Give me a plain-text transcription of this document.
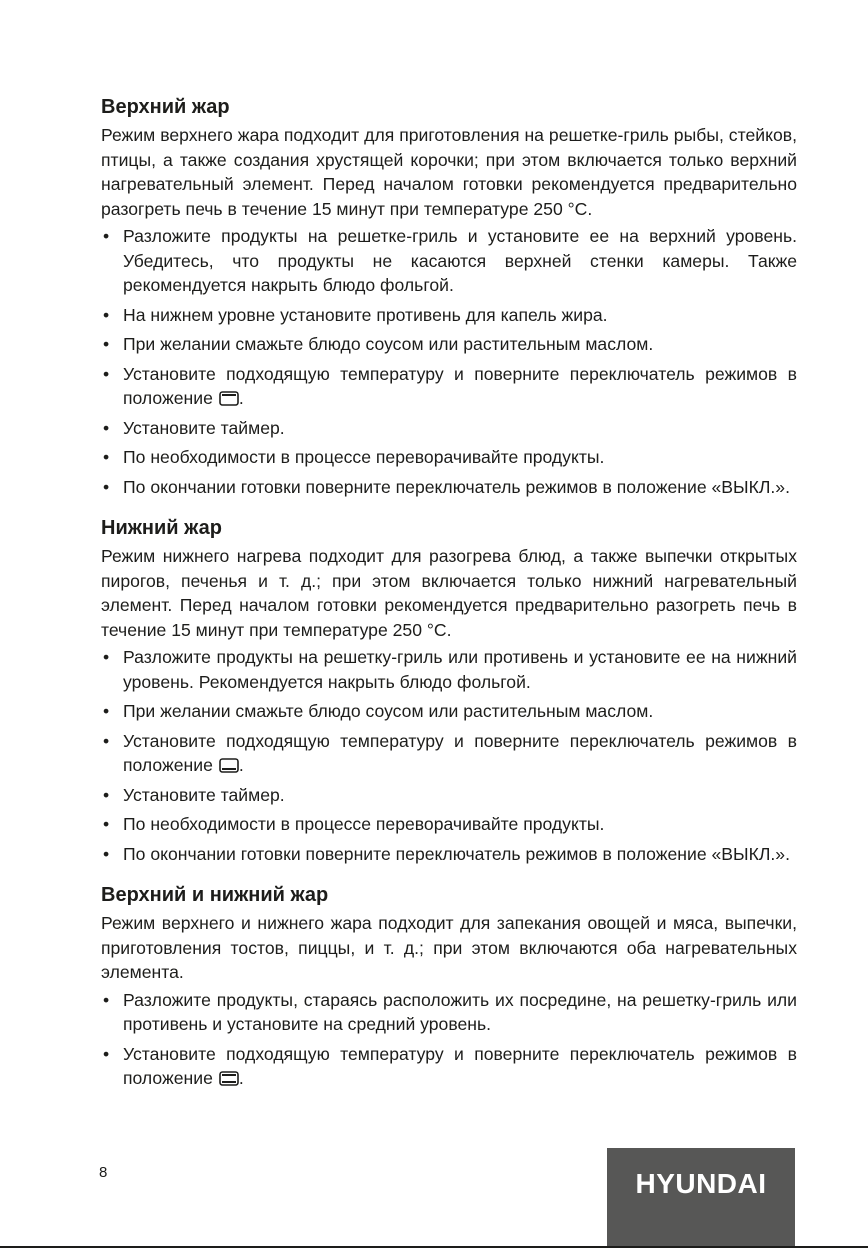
Верхний жар

Режим верхнего жара подходит для приготовления на решетке-гриль рыбы, стейков, птицы, а также создания хрустящей корочки; при этом включается только верхний нагревательный элемент. Перед началом готовки рекомендуется предварительно разогреть печь в течение 15 минут при температуре 250 °С.

• Разложите продукты на решетке-гриль и установите ее на верхний уровень. Убедитесь, что продукты не касаются верхней стенки камеры. Также рекомендуется накрыть блюдо фольгой.
• На нижнем уровне установите противень для капель жира.
• При желании смажьте блюдо соусом или растительным маслом.
• Установите подходящую температуру и поверните переключатель режимов в положение .
• Установите таймер.
• По необходимости в процессе переворачивайте продукты.
• По окончании готовки поверните переключатель режимов в положение «ВЫКЛ.».
Нижний жар

Режим нижнего нагрева подходит для разогрева блюд, а также выпечки открытых пирогов, печенья и т. д.; при этом включается только нижний нагревательный элемент. Перед началом готовки рекомендуется предварительно разогреть печь в течение 15 минут при температуре 250 °С.

• Разложите продукты на решетку-гриль или противень и установите ее на нижний уровень. Рекомендуется накрыть блюдо фольгой.
• При желании смажьте блюдо соусом или растительным маслом.
• Установите подходящую температуру и поверните переключатель режимов в положение .
• Установите таймер.
• По необходимости в процессе переворачивайте продукты.
• По окончании готовки поверните переключатель режимов в положение «ВЫКЛ.».
Верхний и нижний жар

Режим верхнего и нижнего жара подходит для запекания овощей и мяса, выпечки, приготовления тостов, пиццы, и т. д.; при этом включаются оба нагревательных элемента.

• Разложите продукты, стараясь расположить их посредине, на решетку-гриль или противень и установите на средний уровень.
• Установите подходящую температуру и поверните переключатель режимов в положение .
8	HYUNDAI
